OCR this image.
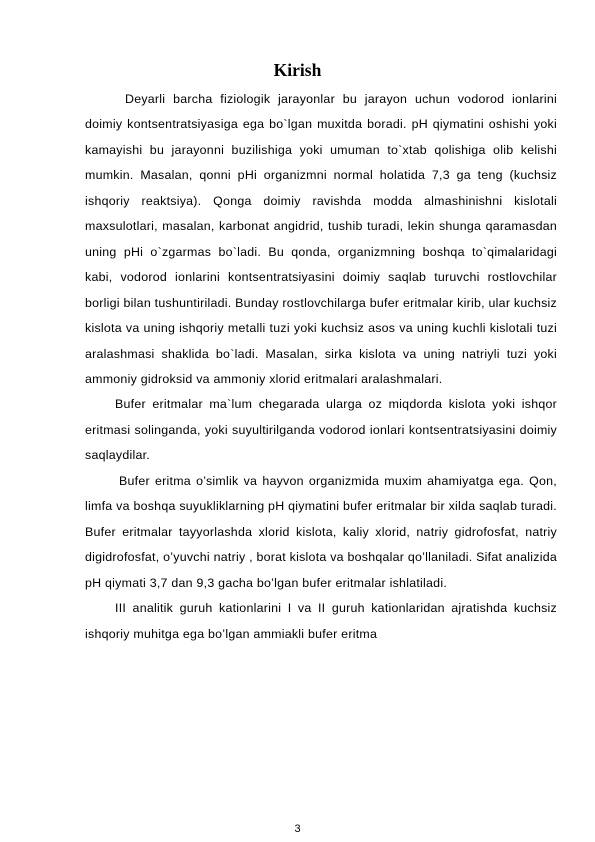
Kirish

Deyarli barcha fiziologik jarayonlar bu jarayon uchun vodorod ionlarini doimiy kontsentratsiyasiga ega bo`lgan muxitda boradi. pH qiymatini oshishi yoki kamayishi bu jarayonni buzilishiga yoki umuman to`xtab qolishiga olib kelishi mumkin. Masalan, qonni pHi organizmni normal holatida 7,3 ga teng (kuchsiz ishqoriy reaktsiya). Qonga doimiy ravishda modda almashinishni kislotali maxsulotlari, masalan, karbonat angidrid, tushib turadi, lekin shunga qaramasdan uning pHi o`zgarmas bo`ladi. Bu qonda, organizmning boshqa to`qimalaridagi kabi, vodorod ionlarini kontsentratsiyasini doimiy saqlab turuvchi rostlovchilar borligi bilan tushuntiriladi. Bunday rostlovchilarga bufer eritmalar kirib, ular kuchsiz kislota va uning ishqoriy metalli tuzi yoki kuchsiz asos va uning kuchli kislotali tuzi aralashmasi shaklida bo`ladi. Masalan, sirka kislota va uning natriyli tuzi yoki ammoniy gidroksid va ammoniy xlorid eritmalari aralashmalari.

Bufer eritmalar ma`lum chegarada ularga oz miqdorda kislota yoki ishqor eritmasi solinganda, yoki suyultirilganda vodorod ionlari kontsentratsiyasini doimiy saqlaydilar.

Bufer eritma o’simlik va hayvon organizmida muxim ahamiyatga ega. Qon, limfa va boshqa suyukliklarning pH qiymatini bufer eritmalar bir xilda saqlab turadi. Bufer eritmalar tayyorlashda xlorid kislota, kaliy xlorid, natriy gidrofosfat, natriy digidrofosfat, o’yuvchi natriy , borat kislota va boshqalar qo’llaniladi. Sifat analizida pH qiymati 3,7 dan 9,3 gacha bo’lgan bufer eritmalar ishlatiladi.

III analitik guruh kationlarini I va II guruh kationlaridan ajratishda kuchsiz ishqoriy muhitga ega bo’lgan ammiakli bufer eritma

3
